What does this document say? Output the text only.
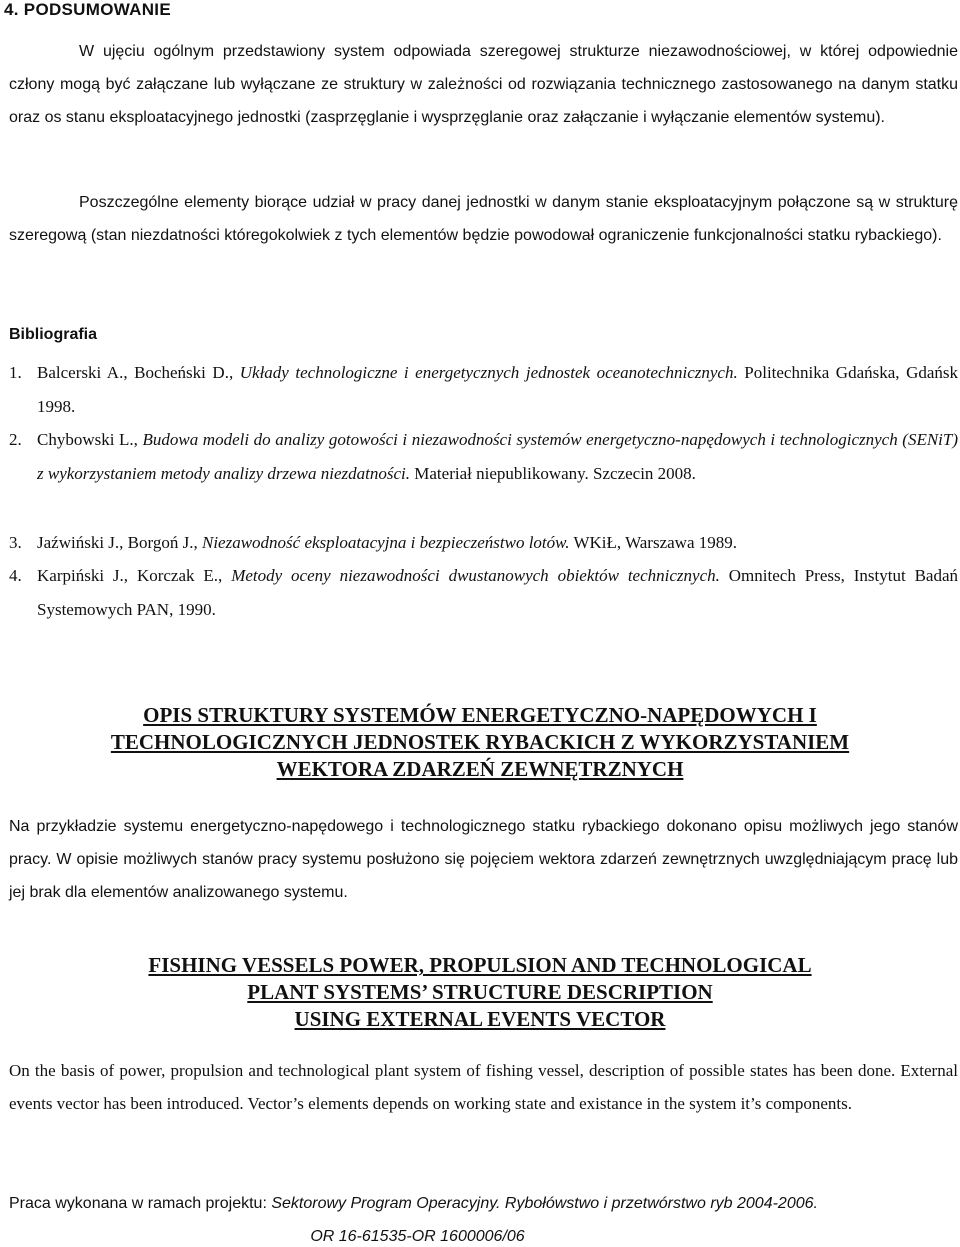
4. PODSUMOWANIE

W ujęciu ogólnym przedstawiony system odpowiada szeregowej strukturze niezawodnościowej, w której odpowiednie człony mogą być załączane lub wyłączane ze struktury w zależności od rozwiązania technicznego zastosowanego na danym statku oraz os stanu eksploatacyjnego jednostki (zasprzęglanie i wysprzęglanie oraz załączanie i wyłączanie elementów systemu).

Poszczególne elementy biorące udział w pracy danej jednostki w danym stanie eksploatacyjnym połączone są w strukturę szeregową (stan niezdatności któregokolwiek z tych elementów będzie powodował ograniczenie funkcjonalności statku rybackiego).

Bibliografia
1. Balcerski A., Bocheński D., Układy technologiczne i energetycznych jednostek oceanotechnicznych. Politechnika Gdańska, Gdańsk 1998.
2. Chybowski L., Budowa modeli do analizy gotowości i niezawodności systemów energetyczno-napędowych i technologicznych (SENiT) z wykorzystaniem metody analizy drzewa niezdatności. Materiał niepublikowany. Szczecin 2008.
3. Jaźwiński J., Borgoń J., Niezawodność eksploatacyjna i bezpieczeństwo lotów. WKiŁ, Warszawa 1989.
4. Karpiński J., Korczak E., Metody oceny niezawodności dwustanowych obiektów technicznych. Omnitech Press, Instytut Badań Systemowych PAN, 1990.
OPIS STRUKTURY SYSTEMÓW ENERGETYCZNO-NAPĘDOWYCH I
TECHNOLOGICZNYCH JEDNOSTEK RYBACKICH Z WYKORZYSTANIEM
WEKTORA ZDARZEŃ ZEWNĘTRZNYCH

Na przykładzie systemu energetyczno-napędowego i technologicznego statku rybackiego dokonano opisu możliwych jego stanów pracy. W opisie możliwych stanów pracy systemu posłużono się pojęciem wektora zdarzeń zewnętrznych uwzględniającym pracę lub jej brak dla elementów analizowanego systemu.

FISHING VESSELS POWER, PROPULSION AND TECHNOLOGICAL
PLANT SYSTEMS’ STRUCTURE DESCRIPTION
USING EXTERNAL EVENTS VECTOR

On the basis of power, propulsion and technological plant system of fishing vessel, description of possible states has been done. External events vector has been introduced. Vector’s elements depends on working state and existance in the system it’s components.

Praca wykonana w ramach projektu: Sektorowy Program Operacyjny. Rybołówstwo i przetwórstwo ryb 2004-2006.
OR 16-61535-OR 1600006/06
